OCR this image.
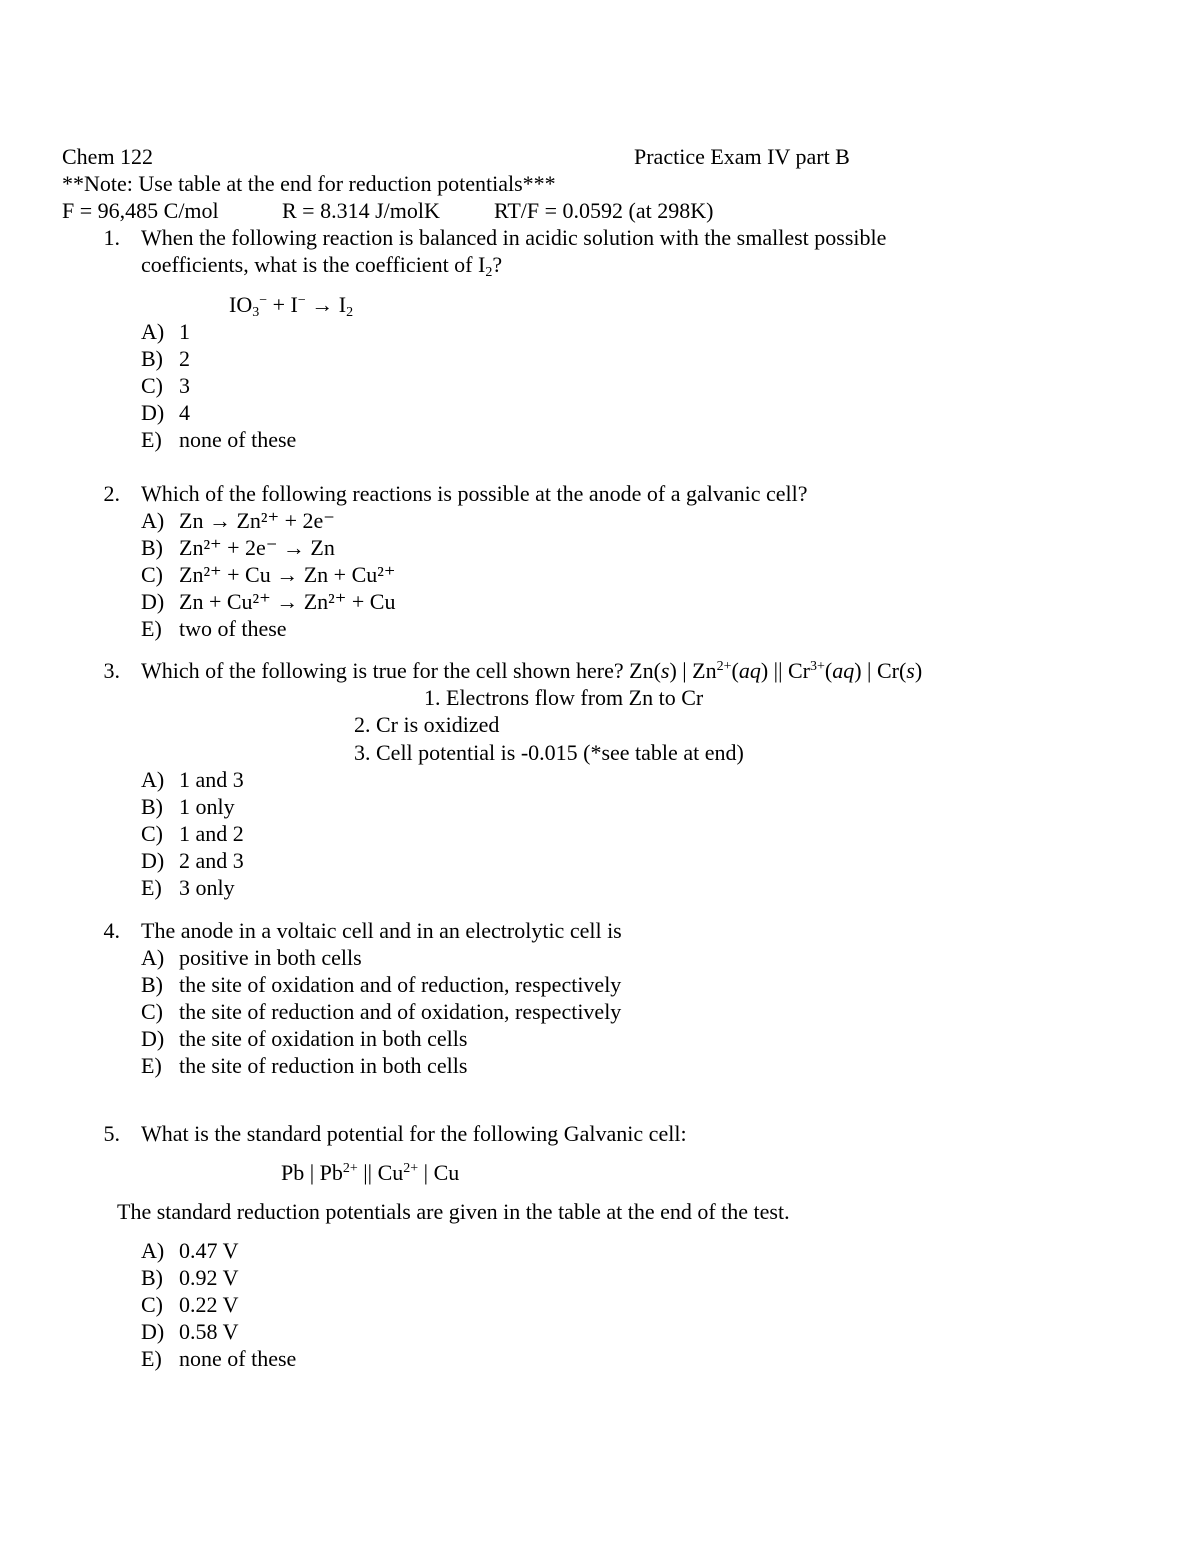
Chem 122	Practice Exam IV part B
**Note: Use table at the end for reduction potentials***
F = 96,485 C/mol	R = 8.314 J/molK RT/F = 0.0592 (at 298K)
1. When the following reaction is balanced in acidic solution with the smallest possible
coefficients, what is the coefficient of $I_2$?
$IO_3^- + I^- \to I_2$
A) 1
B) 2
C) 3
D) 4
E) none of these
2. Which of the following reactions is possible at the anode of a galvanic cell?
A) Zn → Zn²⁺ + 2e⁻
B) Zn²⁺ + 2e⁻ → Zn
C) Zn²⁺ + Cu → Zn + Cu²⁺
D) Zn + Cu²⁺ → Zn²⁺ + Cu
E) two of these
3. Which of the following is true for the cell shown here? Zn(s) | $Zn^{2+}(aq)$ || $Cr^{3+}(aq)$ | Cr(s)
1. Electrons flow from Zn to Cr
2. Cr is oxidized
3. Cell potential is -0.015 (*see table at end)
A) 1 and 3
B) 1 only
C) 1 and 2
D) 2 and 3
E) 3 only
4. The anode in a voltaic cell and in an electrolytic cell is
A) positive in both cells
B) the site of oxidation and of reduction, respectively
C) the site of reduction and of oxidation, respectively
D) the site of oxidation in both cells
E) the site of reduction in both cells
5. What is the standard potential for the following Galvanic cell:
Pb | $Pb^{2+}$ || $Cu^{2+}$ | Cu
The standard reduction potentials are given in the table at the end of the test.
A) 0.47 V
B) 0.92 V
C) 0.22 V
D) 0.58 V
E) none of these
